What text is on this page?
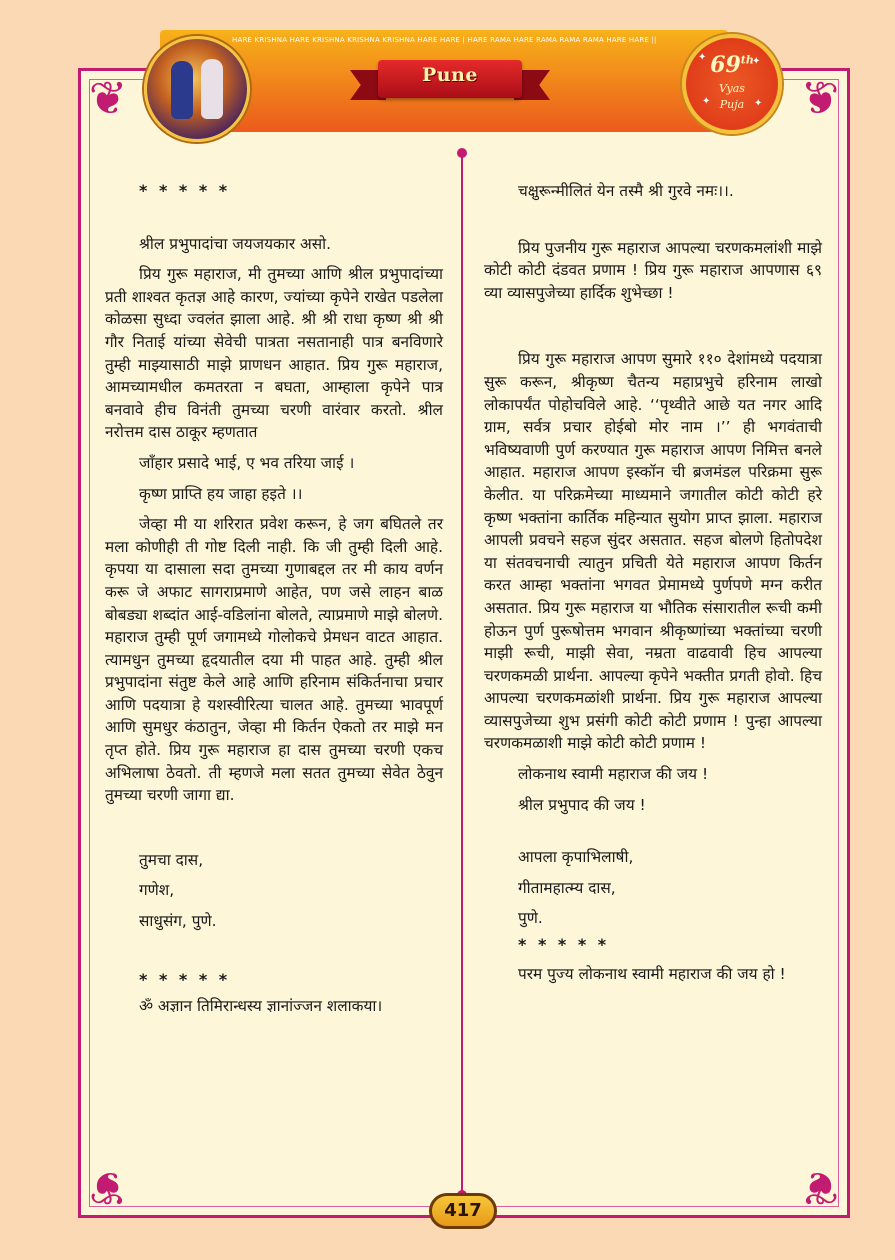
❦	❦
❦	❦
HARE KRISHNA HARE KRISHNA KRISHNA KRISHNA HARE HARE | HARE RAMA HARE RAMA RAMA RAMA HARE HARE ||
Pune	69th
Vyas
Puja
✦	✦
✦	✦

* * * * *

श्रील प्रभुपादांचा जयजयकार असो.

प्रिय गुरू महाराज, मी तुमच्या आणि श्रील प्रभुपादांच्या प्रती शाश्वत कृतज्ञ आहे कारण, ज्यांच्या कृपेने राखेत पडलेला कोळसा सुध्दा ज्वलंत झाला आहे. श्री श्री राधा कृष्ण श्री श्री गौर निताई यांच्या सेवेची पात्रता नसतानाही पात्र बनविणारे तुम्ही माझ्यासाठी माझे प्राणधन आहात. प्रिय गुरू महाराज, आमच्यामधील कमतरता न बघता, आम्हाला कृपेने पात्र बनवावे हीच विनंती तुमच्या चरणी वारंवार करतो. श्रील नरोत्तम दास ठाकूर म्हणतात

जाँहार प्रसादे भाई, ए भव तरिया जाई ।

कृष्ण प्राप्ति हय जाहा हइते ।।

जेव्हा मी या शरिरात प्रवेश करून, हे जग बघितले तर मला कोणीही ती गोष्ट दिली नाही. कि जी तुम्ही दिली आहे. कृपया या दासाला सदा तुमच्या गुणाबद्दल तर मी काय वर्णन करू जे अफाट सागराप्रमाणे आहेत, पण जसे लाहन बाळ बोबड्या शब्दांत आई-वडिलांना बोलते, त्याप्रमाणे माझे बोलणे. महाराज तुम्ही पूर्ण जगामध्ये गोलोकचे प्रेमधन वाटत आहात. त्यामधुन तुमच्या हृदयातील दया मी पाहत आहे. तुम्ही श्रील प्रभुपादांना संतुष्ट केले आहे आणि हरिनाम संकिर्तनाचा प्रचार आणि पदयात्रा हे यशस्वीरित्या चालत आहे. तुमच्या भावपूर्ण आणि सुमधुर कंठातुन, जेव्हा मी किर्तन ऐकतो तर माझे मन तृप्त होते. प्रिय गुरू महाराज हा दास तुमच्या चरणी एकच अभिलाषा ठेवतो. ती म्हणजे मला सतत तुमच्या सेवेत ठेवुन तुमच्या चरणी जागा द्या.

तुमचा दास,

गणेश,

साधुसंग, पुणे.

* * * * *

ॐ अज्ञान तिमिरान्धस्य ज्ञानांज्जन शलाकया।

चक्षुरून्मीलितं येन तस्मै श्री गुरवे नमः।।.

प्रिय पुजनीय गुरू महाराज आपल्या चरणकमलांशी माझे कोटी कोटी दंडवत प्रणाम ! प्रिय गुरू महाराज आपणास ६९ व्या व्यासपुजेच्या हार्दिक शुभेच्छा !

प्रिय गुरू महाराज आपण सुमारे ११० देशांमध्ये पदयात्रा सुरू करून, श्रीकृष्ण चैतन्य महाप्रभुचे हरिनाम लाखो लोकापर्यंत पोहोचविले आहे. ‘‘पृथ्वीते आछे यत नगर आदि ग्राम, सर्वत्र प्रचार होईबो मोर नाम ।’’ ही भगवंताची भविष्यवाणी पुर्ण करण्यात गुरू महाराज आपण निमित्त बनले आहात. महाराज आपण इस्कॉन ची ब्रजमंडल परिक्रमा सुरू केलीत. या परिक्रमेच्या माध्यमाने जगातील कोटी कोटी हरे कृष्ण भक्तांना कार्तिक महिन्यात सुयोग प्राप्त झाला. महाराज आपली प्रवचने सहज सुंदर असतात. सहज बोलणे हितोपदेश या संतवचनाची त्यातुन प्रचिती येते महाराज आपण किर्तन करत आम्हा भक्तांना भगवत प्रेमामध्ये पुर्णपणे मग्न करीत असतात. प्रिय गुरू महाराज या भौतिक संसारातील रूची कमी होऊन पुर्ण पुरूषोत्तम भगवान श्रीकृष्णांच्या भक्तांच्या चरणी माझी रूची, माझी सेवा, नम्रता वाढवावी हिच आपल्या चरणकमळी प्रार्थना. आपल्या कृपेने भक्तीत प्रगती होवो. हिच आपल्या चरणकमळांशी प्रार्थना. प्रिय गुरू महाराज आपल्या व्यासपुजेच्या शुभ प्रसंगी कोटी कोटी प्रणाम ! पुन्हा आपल्या चरणकमळाशी माझे कोटी कोटी प्रणाम !

लोकनाथ स्वामी महाराज की जय !

श्रील प्रभुपाद की जय !

आपला कृपाभिलाषी,

गीतामहात्म्य दास,

पुणे.

* * * * *

परम पुज्य लोकनाथ स्वामी महाराज की जय हो !

417
